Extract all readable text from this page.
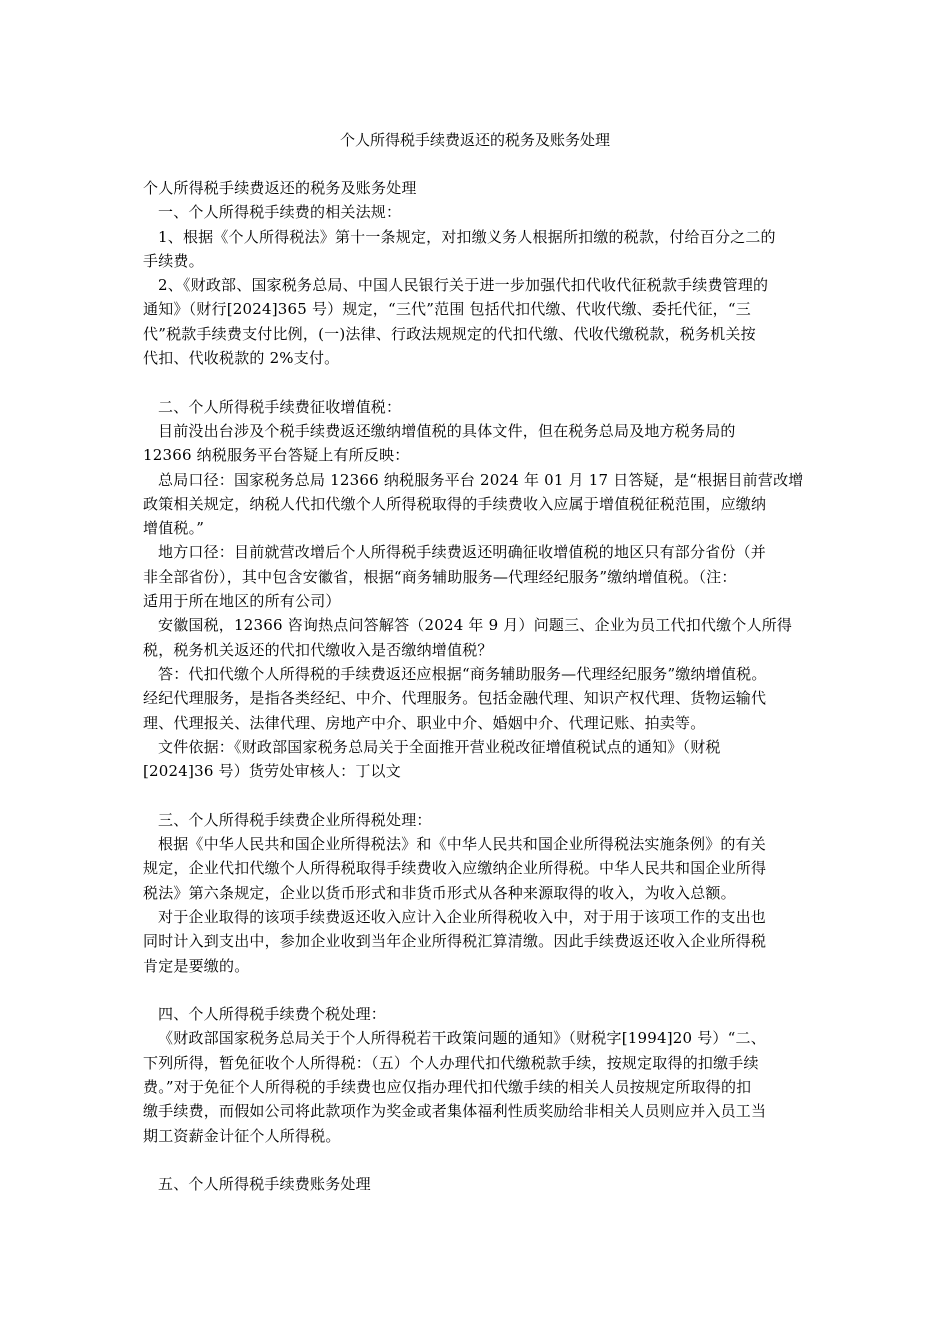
个人所得税手续费返还的税务及账务处理
个人所得税手续费返还的税务及账务处理
一、个人所得税手续费的相关法规：
1、根据《个人所得税法》第十一条规定，对扣缴义务人根据所扣缴的税款，付给百分之二的
手续费。
2、《财政部、国家税务总局、中国人民银行关于进一步加强代扣代收代征税款手续费管理的
通知》（财行[2024]365 号）规定，“三代”范围 包括代扣代缴、代收代缴、委托代征，“三
代”税款手续费支付比例，(一)法律、行政法规规定的代扣代缴、代收代缴税款，税务机关按
代扣、代收税款的 2%支付。
二、个人所得税手续费征收增值税：
目前没出台涉及个税手续费返还缴纳增值税的具体文件，但在税务总局及地方税务局的
12366 纳税服务平台答疑上有所反映：
总局口径：国家税务总局 12366 纳税服务平台 2024 年 01 月 17 日答疑，是“根据目前营改增
政策相关规定，纳税人代扣代缴个人所得税取得的手续费收入应属于增值税征税范围，应缴纳
增值税。”
地方口径：目前就营改增后个人所得税手续费返还明确征收增值税的地区只有部分省份（并
非全部省份），其中包含安徽省，根据“商务辅助服务—代理经纪服务”缴纳增值税。（注：
适用于所在地区的所有公司）
安徽国税，12366 咨询热点问答解答（2024 年 9 月）问题三、企业为员工代扣代缴个人所得
税，税务机关返还的代扣代缴收入是否缴纳增值税？
答：代扣代缴个人所得税的手续费返还应根据“商务辅助服务—代理经纪服务”缴纳增值税。
经纪代理服务，是指各类经纪、中介、代理服务。包括金融代理、知识产权代理、货物运输代
理、代理报关、法律代理、房地产中介、职业中介、婚姻中介、代理记账、拍卖等。
文件依据：《财政部国家税务总局关于全面推开营业税改征增值税试点的通知》（财税
[2024]36 号）货劳处审核人：丁以文
三、个人所得税手续费企业所得税处理：
根据《中华人民共和国企业所得税法》和《中华人民共和国企业所得税法实施条例》的有关
规定，企业代扣代缴个人所得税取得手续费收入应缴纳企业所得税。中华人民共和国企业所得
税法》第六条规定，企业以货币形式和非货币形式从各种来源取得的收入，为收入总额。
对于企业取得的该项手续费返还收入应计入企业所得税收入中，对于用于该项工作的支出也
同时计入到支出中，参加企业收到当年企业所得税汇算清缴。因此手续费返还收入企业所得税
肯定是要缴的。
四、个人所得税手续费个税处理：
《财政部国家税务总局关于个人所得税若干政策问题的通知》（财税字[1994]20 号）“二、
下列所得，暂免征收个人所得税：（五）个人办理代扣代缴税款手续，按规定取得的扣缴手续
费。”对于免征个人所得税的手续费也应仅指办理代扣代缴手续的相关人员按规定所取得的扣
缴手续费，而假如公司将此款项作为奖金或者集体福利性质奖励给非相关人员则应并入员工当
期工资薪金计征个人所得税。
五、个人所得税手续费账务处理
